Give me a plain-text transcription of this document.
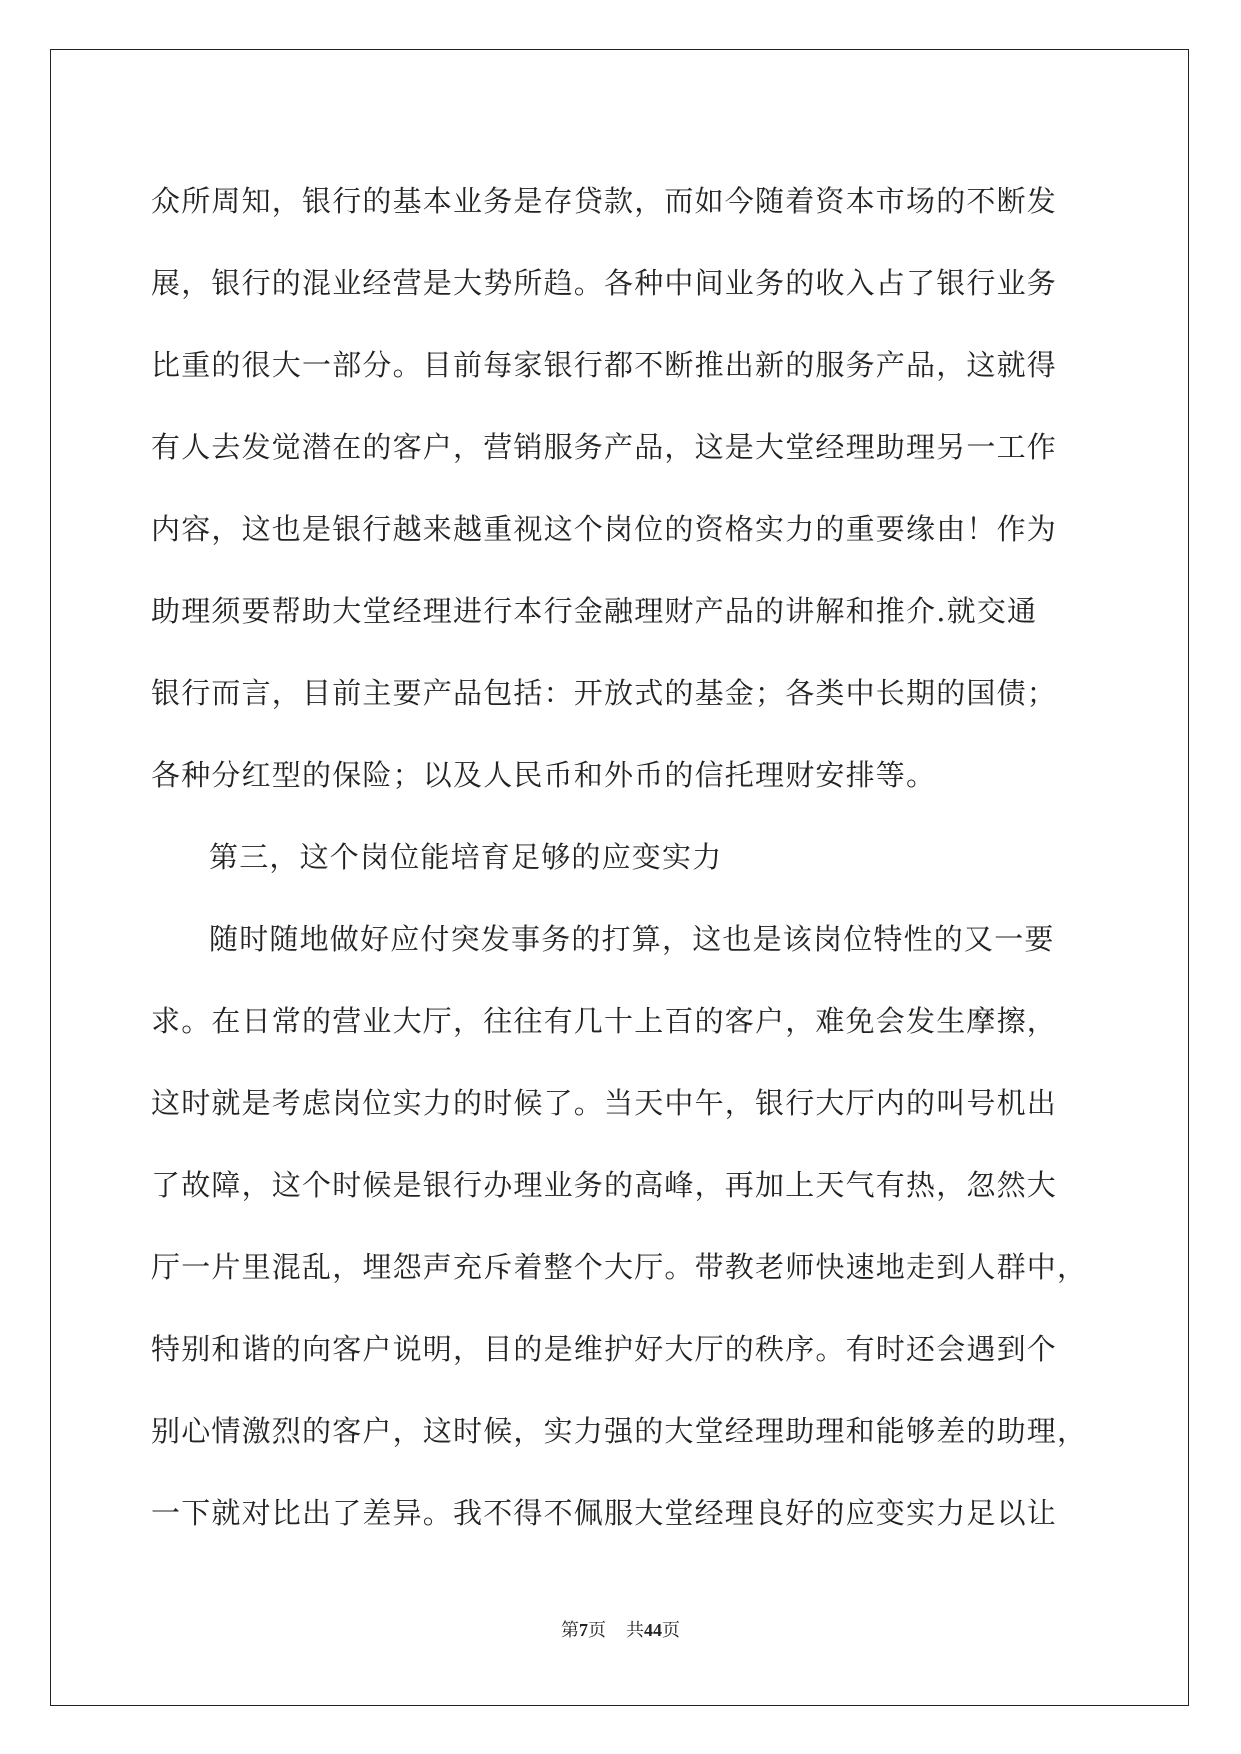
众所周知，银行的基本业务是存贷款，而如今随着资本市场的不断发
展，银行的混业经营是大势所趋。各种中间业务的收入占了银行业务
比重的很大一部分。目前每家银行都不断推出新的服务产品，这就得
有人去发觉潜在的客户，营销服务产品，这是大堂经理助理另一工作
内容，这也是银行越来越重视这个岗位的资格实力的重要缘由！作为
助理须要帮助大堂经理进行本行金融理财产品的讲解和推介.就交通
银行而言，目前主要产品包括：开放式的基金；各类中长期的国债；
各种分红型的保险；以及人民币和外币的信托理财安排等。
第三，这个岗位能培育足够的应变实力
随时随地做好应付突发事务的打算，这也是该岗位特性的又一要
求。在日常的营业大厅，往往有几十上百的客户，难免会发生摩擦，
这时就是考虑岗位实力的时候了。当天中午，银行大厅内的叫号机出
了故障，这个时候是银行办理业务的高峰，再加上天气有热，忽然大
厅一片里混乱，埋怨声充斥着整个大厅。带教老师快速地走到人群中，
特别和谐的向客户说明，目的是维护好大厅的秩序。有时还会遇到个
别心情激烈的客户，这时候，实力强的大堂经理助理和能够差的助理，
一下就对比出了差异。我不得不佩服大堂经理良好的应变实力足以让
第7页 共44页
